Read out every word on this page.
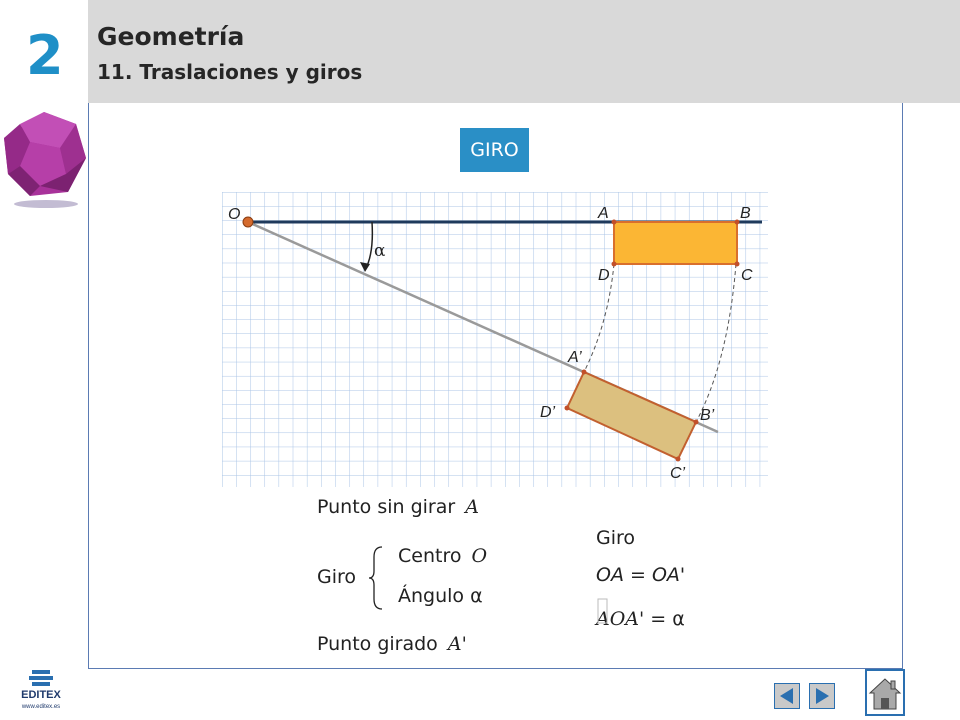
2 Geometría
11. Traslaciones y giros
GIRO
α
O	A	B
C
D
A’
B’
C’
D’
Punto sin girar A
Giro
Centro O
Ángulo α
Punto girado A'
Giro
OA = OA'
AOA' = α
EDITEX
www.editex.es
